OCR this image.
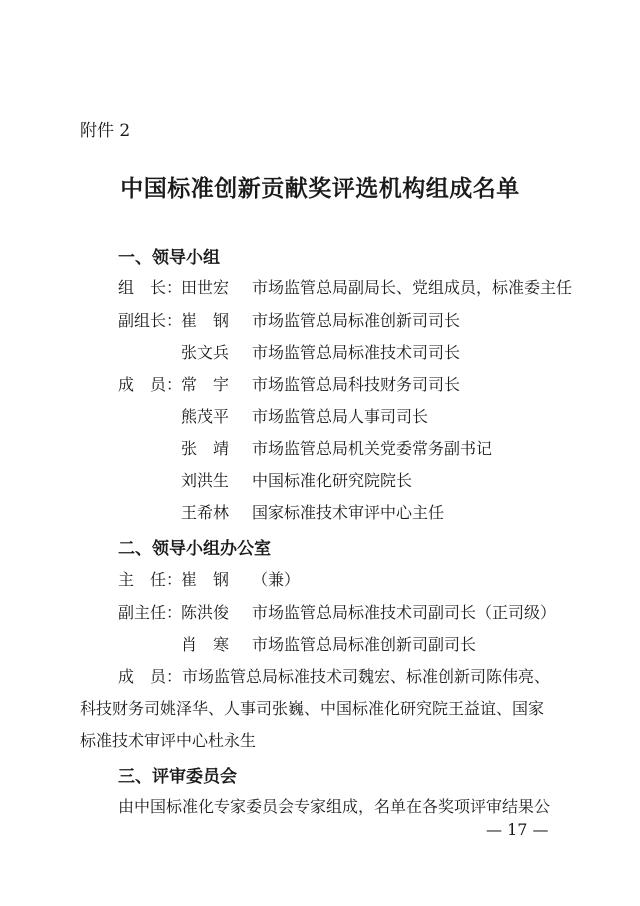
附件 2
中国标准创新贡献奖评选机构组成名单
一、领导小组
组　长：
田世宏 市场监管总局副局长、党组成员，标准委主任
副组长：
崔　钢 市场监管总局标准创新司司长
张文兵 市场监管总局标准技术司司长
成　员：
常　宇 市场监管总局科技财务司司长
熊茂平 市场监管总局人事司司长
张　靖 市场监管总局机关党委常务副书记
刘洪生 中国标准化研究院院长
王希林 国家标准技术审评中心主任
二、领导小组办公室
主　任：
崔　钢 （兼）
副主任：
陈洪俊 市场监管总局标准技术司副司长（正司级）
肖　寒 市场监管总局标准创新司副司长
成　员：市场监管总局标准技术司魏宏、标准创新司陈伟亮、
科技财务司姚泽华、人事司张巍、中国标准化研究院王益谊、国家
标准技术审评中心杜永生
三、评审委员会
由中国标准化专家委员会专家组成，名单在各奖项评审结果公
— 17 —
